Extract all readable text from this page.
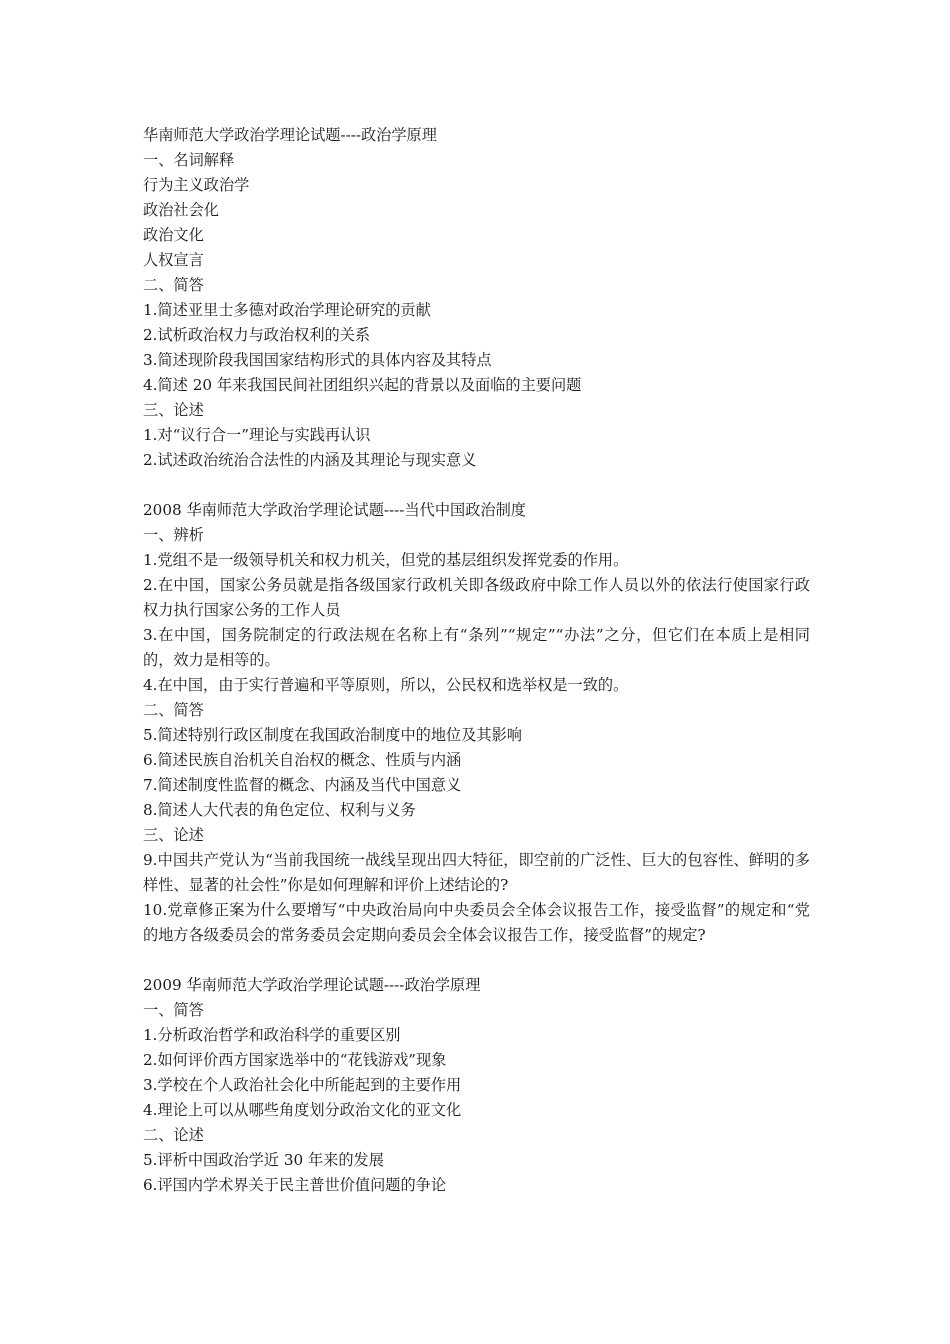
华南师范大学政治学理论试题----政治学原理
一、名词解释
行为主义政治学
政治社会化
政治文化
人权宣言
二、简答
1.简述亚里士多德对政治学理论研究的贡献
2.试析政治权力与政治权利的关系
3.简述现阶段我国国家结构形式的具体内容及其特点
4.简述 20 年来我国民间社团组织兴起的背景以及面临的主要问题
三、论述
1.对“议行合一”理论与实践再认识
2.试述政治统治合法性的内涵及其理论与现实意义
2008 华南师范大学政治学理论试题----当代中国政治制度
一、辨析
1.党组不是一级领导机关和权力机关，但党的基层组织发挥党委的作用。
2.在中国，国家公务员就是指各级国家行政机关即各级政府中除工作人员以外的依法行使国家行政权力执行国家公务的工作人员
3.在中国，国务院制定的行政法规在名称上有“条列”“规定”“办法”之分，但它们在本质上是相同的，效力是相等的。
4.在中国，由于实行普遍和平等原则，所以，公民权和选举权是一致的。
二、简答
5.简述特别行政区制度在我国政治制度中的地位及其影响
6.简述民族自治机关自治权的概念、性质与内涵
7.简述制度性监督的概念、内涵及当代中国意义
8.简述人大代表的角色定位、权利与义务
三、论述
9.中国共产党认为“当前我国统一战线呈现出四大特征，即空前的广泛性、巨大的包容性、鲜明的多样性、显著的社会性”你是如何理解和评价上述结论的?
10.党章修正案为什么要增写“中央政治局向中央委员会全体会议报告工作，接受监督”的规定和“党的地方各级委员会的常务委员会定期向委员会全体会议报告工作，接受监督”的规定?
2009 华南师范大学政治学理论试题----政治学原理
一、简答
1.分析政治哲学和政治科学的重要区别
2.如何评价西方国家选举中的“花钱游戏”现象
3.学校在个人政治社会化中所能起到的主要作用
4.理论上可以从哪些角度划分政治文化的亚文化
二、论述
5.评析中国政治学近 30 年来的发展
6.评国内学术界关于民主普世价值问题的争论
